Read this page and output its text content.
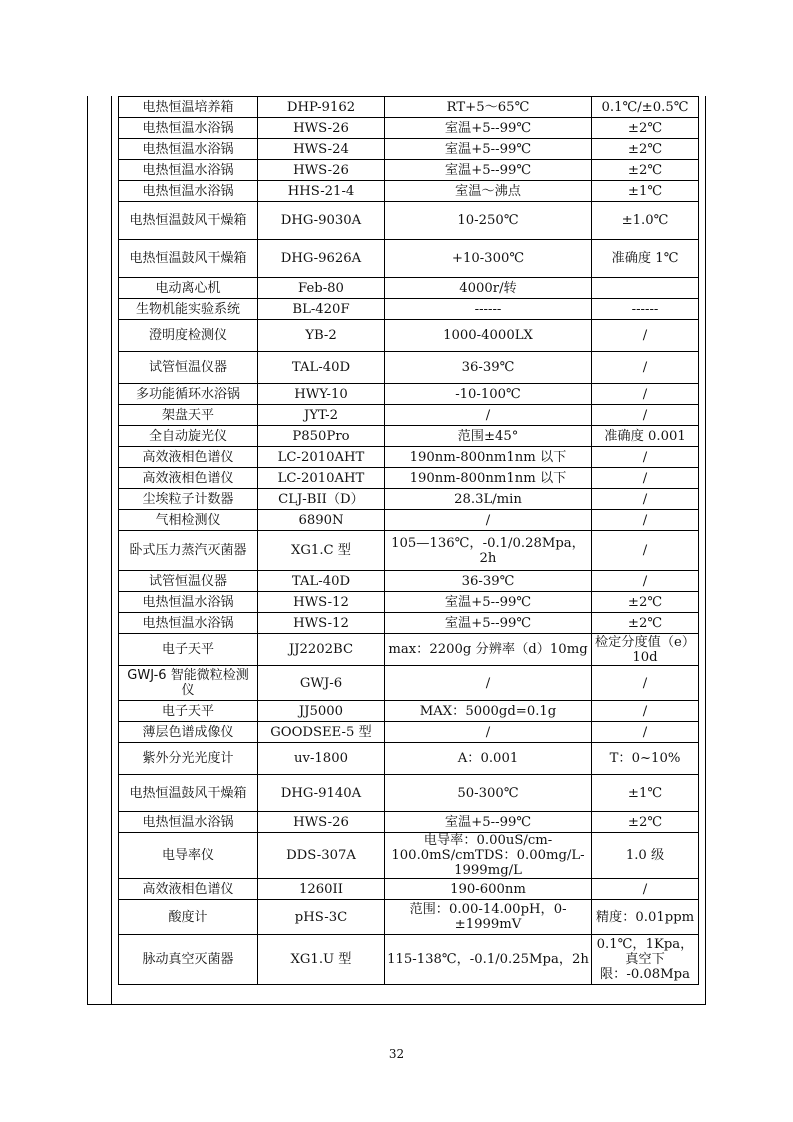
电热恒温培养箱	DHP-9162	RT+5～65℃	0.1℃/±0.5℃
电热恒温水浴锅	HWS-26	室温+5--99℃	±2℃
电热恒温水浴锅	HWS-24	室温+5--99℃	±2℃
电热恒温水浴锅	HWS-26	室温+5--99℃	±2℃
电热恒温水浴锅	HHS-21-4	室温～沸点	±1℃
电热恒温鼓风干燥箱	DHG-9030A	10-250℃	±1.0℃
电热恒温鼓风干燥箱	DHG-9626A	+10-300℃	准确度 1℃
电动离心机	Feb-80	4000r/转	
生物机能实验系统	BL-420F	------	------
澄明度检测仪	YB-2	1000-4000LX	/
试管恒温仪器	TAL-40D	36-39℃	/
多功能循环水浴锅	HWY-10	-10-100℃	/
架盘天平	JYT-2	/	/
全自动旋光仪	P850Pro	范围±45°	准确度 0.001
高效液相色谱仪	LC-2010AHT	190nm-800nm1nm 以下	/
高效液相色谱仪	LC-2010AHT	190nm-800nm1nm 以下	/
尘埃粒子计数器	CLJ-BII（D）	28.3L/min	/
气相检测仪	6890N	/	/
卧式压力蒸汽灭菌器	XG1.C 型	105—136℃，-0.1/0.28Mpa，2h	/
试管恒温仪器	TAL-40D	36-39℃	/
电热恒温水浴锅	HWS-12	室温+5--99℃	±2℃
电热恒温水浴锅	HWS-12	室温+5--99℃	±2℃
电子天平	JJ2202BC	max：2200g 分辨率（d）10mg	检定分度值（e）10d
GWJ-6 智能微粒检测仪	GWJ-6	/	/
电子天平	JJ5000	MAX：5000gd=0.1g	/
薄层色谱成像仪	GOODSEE-5 型	/	/
紫外分光光度计	uv-1800	A：0.001	T：0~10%
电热恒温鼓风干燥箱	DHG-9140A	50-300℃	±1℃
电热恒温水浴锅	HWS-26	室温+5--99℃	±2℃
电导率仪	DDS-307A	电导率：0.00uS/cm-100.0mS/cmTDS：0.00mg/L-1999mg/L	1.0 级
高效液相色谱仪	1260II	190-600nm	/
酸度计	pHS-3C	范围：0.00-14.00pH，0-±1999mV	精度：0.01ppm
脉动真空灭菌器	XG1.U 型	115-138℃，-0.1/0.25Mpa，2h	0.1℃，1Kpa，真空下限：-0.08Mpa
32
